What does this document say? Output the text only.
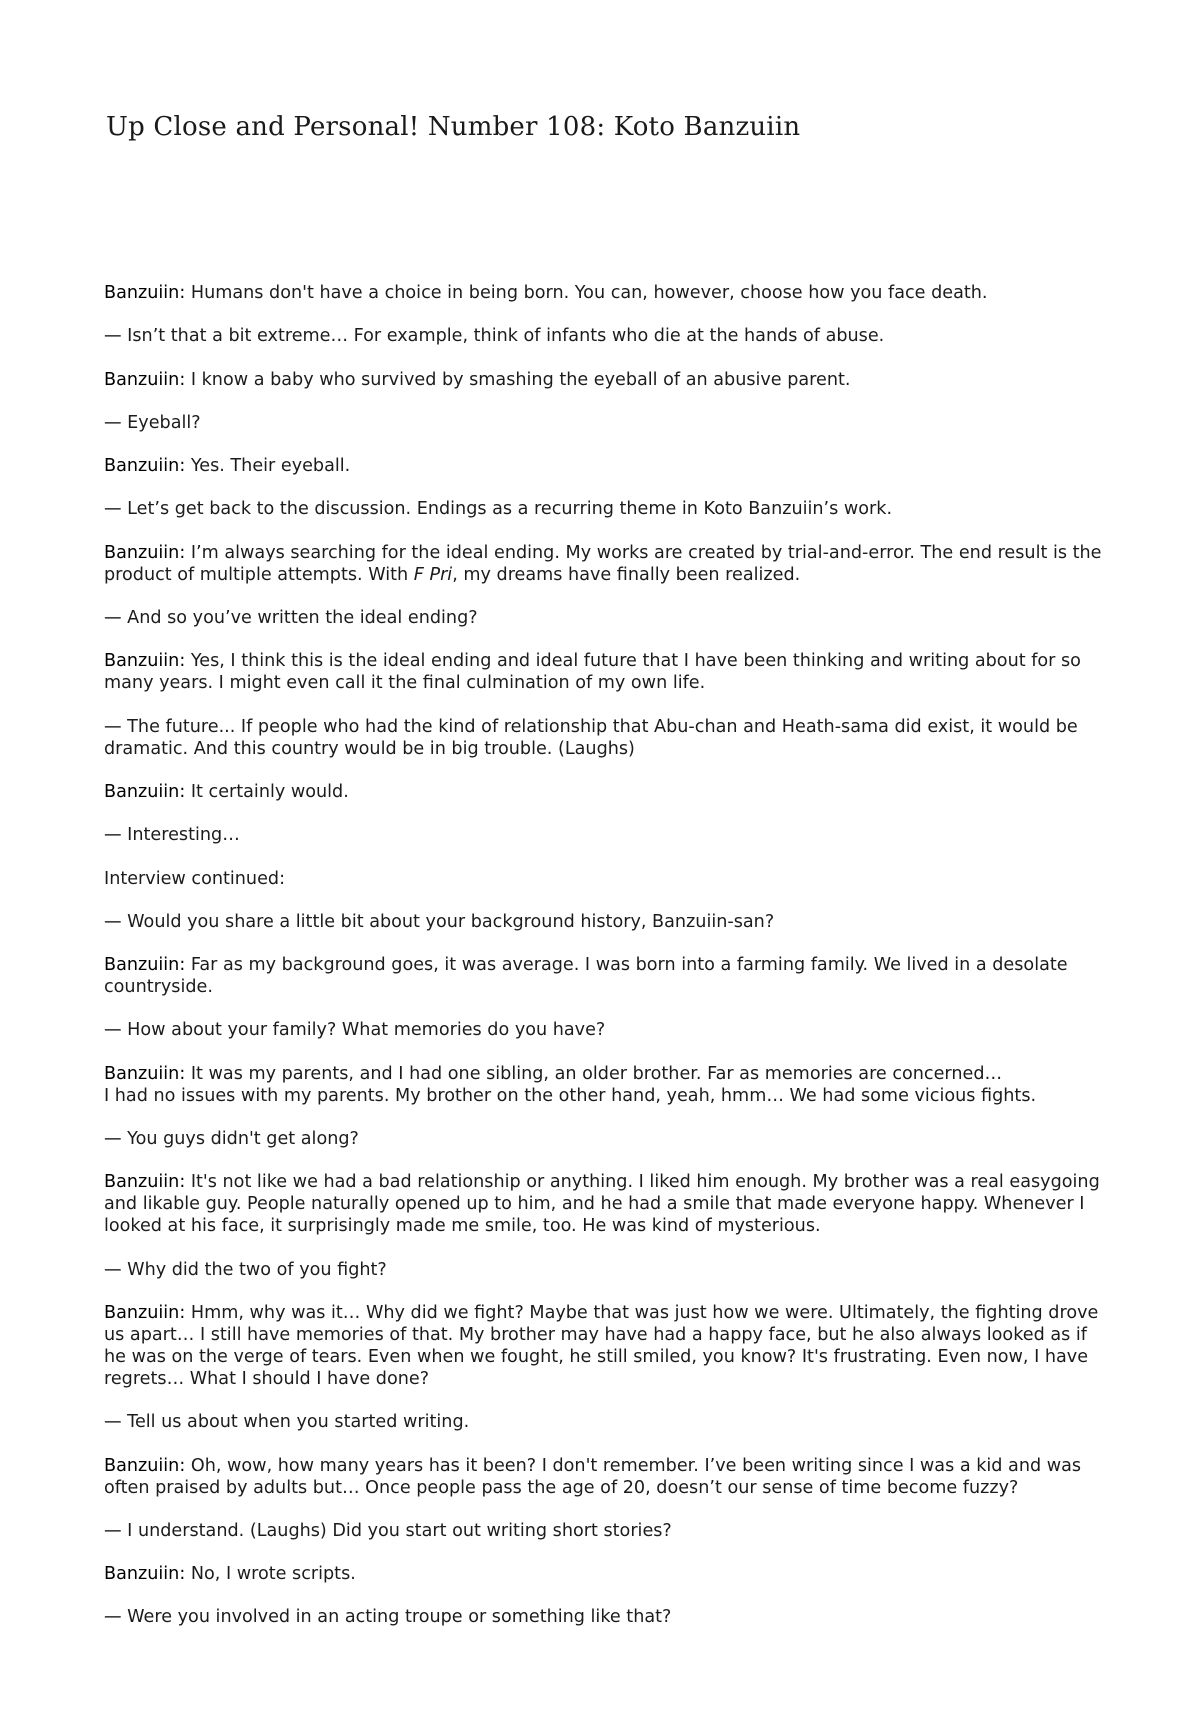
Up Close and Personal! Number 108: Koto Banzuiin

Banzuiin: Humans don't have a choice in being born. You can, however, choose how you face death.

— Isn’t that a bit extreme… For example, think of infants who die at the hands of abuse.

Banzuiin: I know a baby who survived by smashing the eyeball of an abusive parent.

— Eyeball?

Banzuiin: Yes. Their eyeball.

— Let’s get back to the discussion. Endings as a recurring theme in Koto Banzuiin’s work.

Banzuiin: I’m always searching for the ideal ending. My works are created by trial-and-error. The end result is the product of multiple attempts. With F Pri, my dreams have finally been realized.

— And so you’ve written the ideal ending?

Banzuiin: Yes, I think this is the ideal ending and ideal future that I have been thinking and writing about for so many years. I might even call it the final culmination of my own life.

— The future... If people who had the kind of relationship that Abu-chan and Heath-sama did exist, it would be dramatic. And this country would be in big trouble. (Laughs)

Banzuiin: It certainly would.

— Interesting…

Interview continued:

— Would you share a little bit about your background history, Banzuiin-san?

Banzuiin: Far as my background goes, it was average. I was born into a farming family. We lived in a desolate countryside.

— How about your family? What memories do you have?

Banzuiin: It was my parents, and I had one sibling, an older brother. Far as memories are concerned…
I had no issues with my parents. My brother on the other hand, yeah, hmm… We had some vicious fights.

— You guys didn't get along?

Banzuiin: It's not like we had a bad relationship or anything. I liked him enough. My brother was a real easygoing and likable guy. People naturally opened up to him, and he had a smile that made everyone happy. Whenever I looked at his face, it surprisingly made me smile, too. He was kind of mysterious.

— Why did the two of you fight?

Banzuiin: Hmm, why was it… Why did we fight? Maybe that was just how we were. Ultimately, the fighting drove us apart… I still have memories of that. My brother may have had a happy face, but he also always looked as if he was on the verge of tears. Even when we fought, he still smiled, you know? It's frustrating. Even now, I have regrets… What I should I have done?

— Tell us about when you started writing.

Banzuiin: Oh, wow, how many years has it been? I don't remember. I’ve been writing since I was a kid and was often praised by adults but… Once people pass the age of 20, doesn’t our sense of time become fuzzy?

— I understand. (Laughs) Did you start out writing short stories?

Banzuiin: No, I wrote scripts.

— Were you involved in an acting troupe or something like that?
